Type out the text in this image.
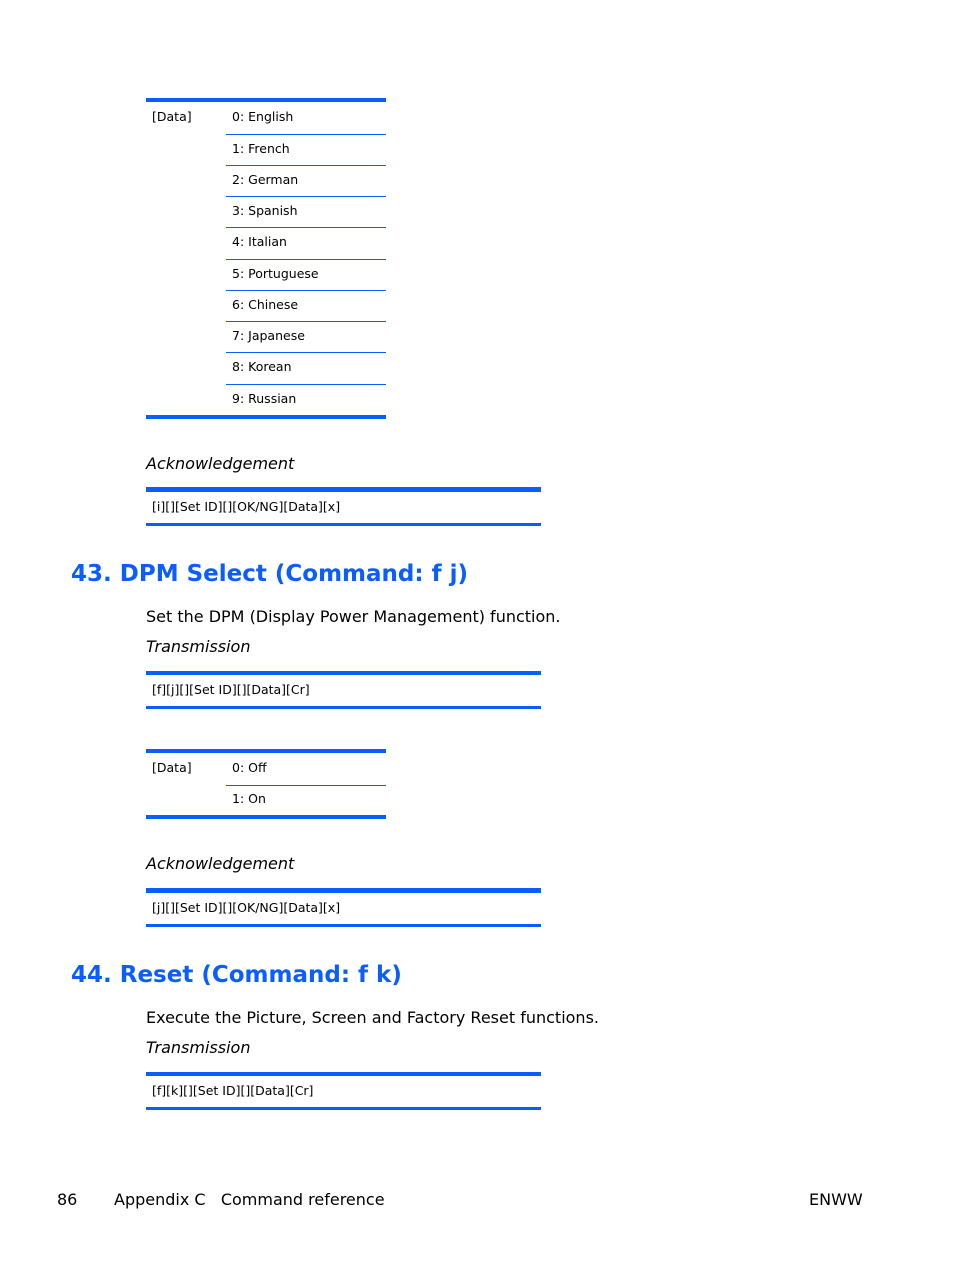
[Data]	0: English
1: French
2: German
3: Spanish
4: Italian
5: Portuguese
6: Chinese
7: Japanese
8: Korean
9: Russian
Acknowledgement
[i][][Set ID][][OK/NG][Data][x]
43. DPM Select (Command: f j)
Set the DPM (Display Power Management) function.
Transmission
[f][j][][Set ID][][Data][Cr]
[Data]	0: Off
1: On
Acknowledgement
[j][][Set ID][][OK/NG][Data][x]
44. Reset (Command: f k)
Execute the Picture, Screen and Factory Reset functions.
Transmission
[f][k][][Set ID][][Data][Cr]
86 Appendix C   Command reference	ENWW
